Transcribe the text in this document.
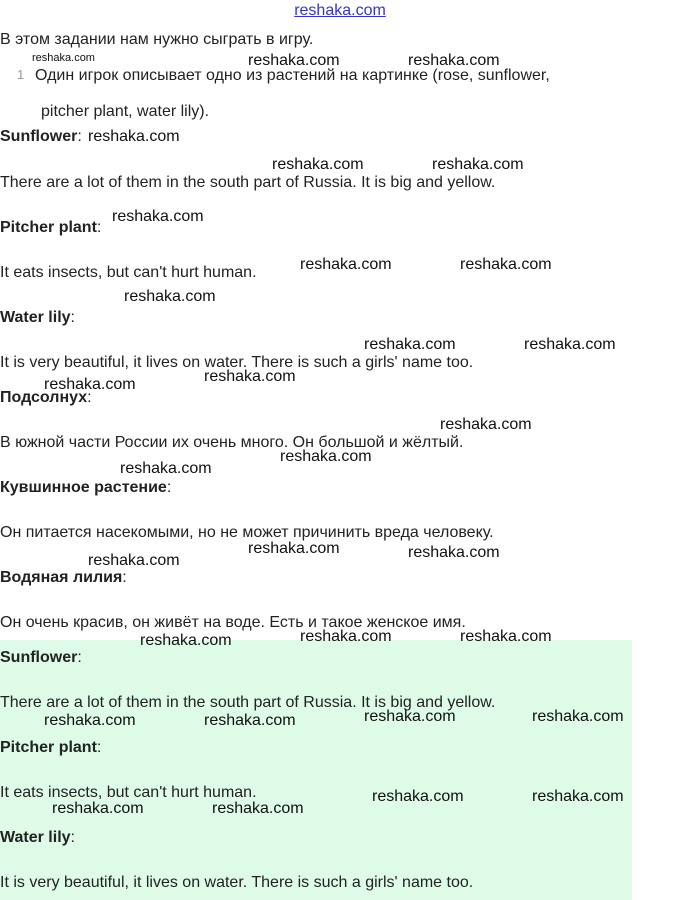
reshaka.com
В этом задании нам нужно сыграть в игру.
1 Один игрок описывает одно из растений на картинке (rose, sunflower,
pitcher plant, water lily).
Sunflower:
There are a lot of them in the south part of Russia. It is big and yellow.
Pitcher plant:
It eats insects, but can't hurt human.
Water lily:
It is very beautiful, it lives on water. There is such a girls' name too.
Подсолнух:
В южной части России их очень много. Он большой и жёлтый.
Кувшинное растение:
Он питается насекомыми, но не может причинить вреда человеку.
Водяная лилия:
Он очень красив, он живёт на воде. Есть и такое женское имя.
Sunflower:
There are a lot of them in the south part of Russia. It is big and yellow.
Pitcher plant:
It eats insects, but can't hurt human.
Water lily:
It is very beautiful, it lives on water. There is such a girls' name too.
reshaka.com	reshaka.com	reshaka.com
reshaka.com
reshaka.com	reshaka.com
reshaka.com
reshaka.com	reshaka.com
reshaka.com
reshaka.com	reshaka.com
reshaka.com
reshaka.com
reshaka.com
reshaka.com
reshaka.com
reshaka.com	reshaka.com
reshaka.com
reshaka.com	reshaka.com
reshaka.com
reshaka.com	reshaka.com
reshaka.com	reshaka.com
reshaka.com	reshaka.com
reshaka.com	reshaka.com
